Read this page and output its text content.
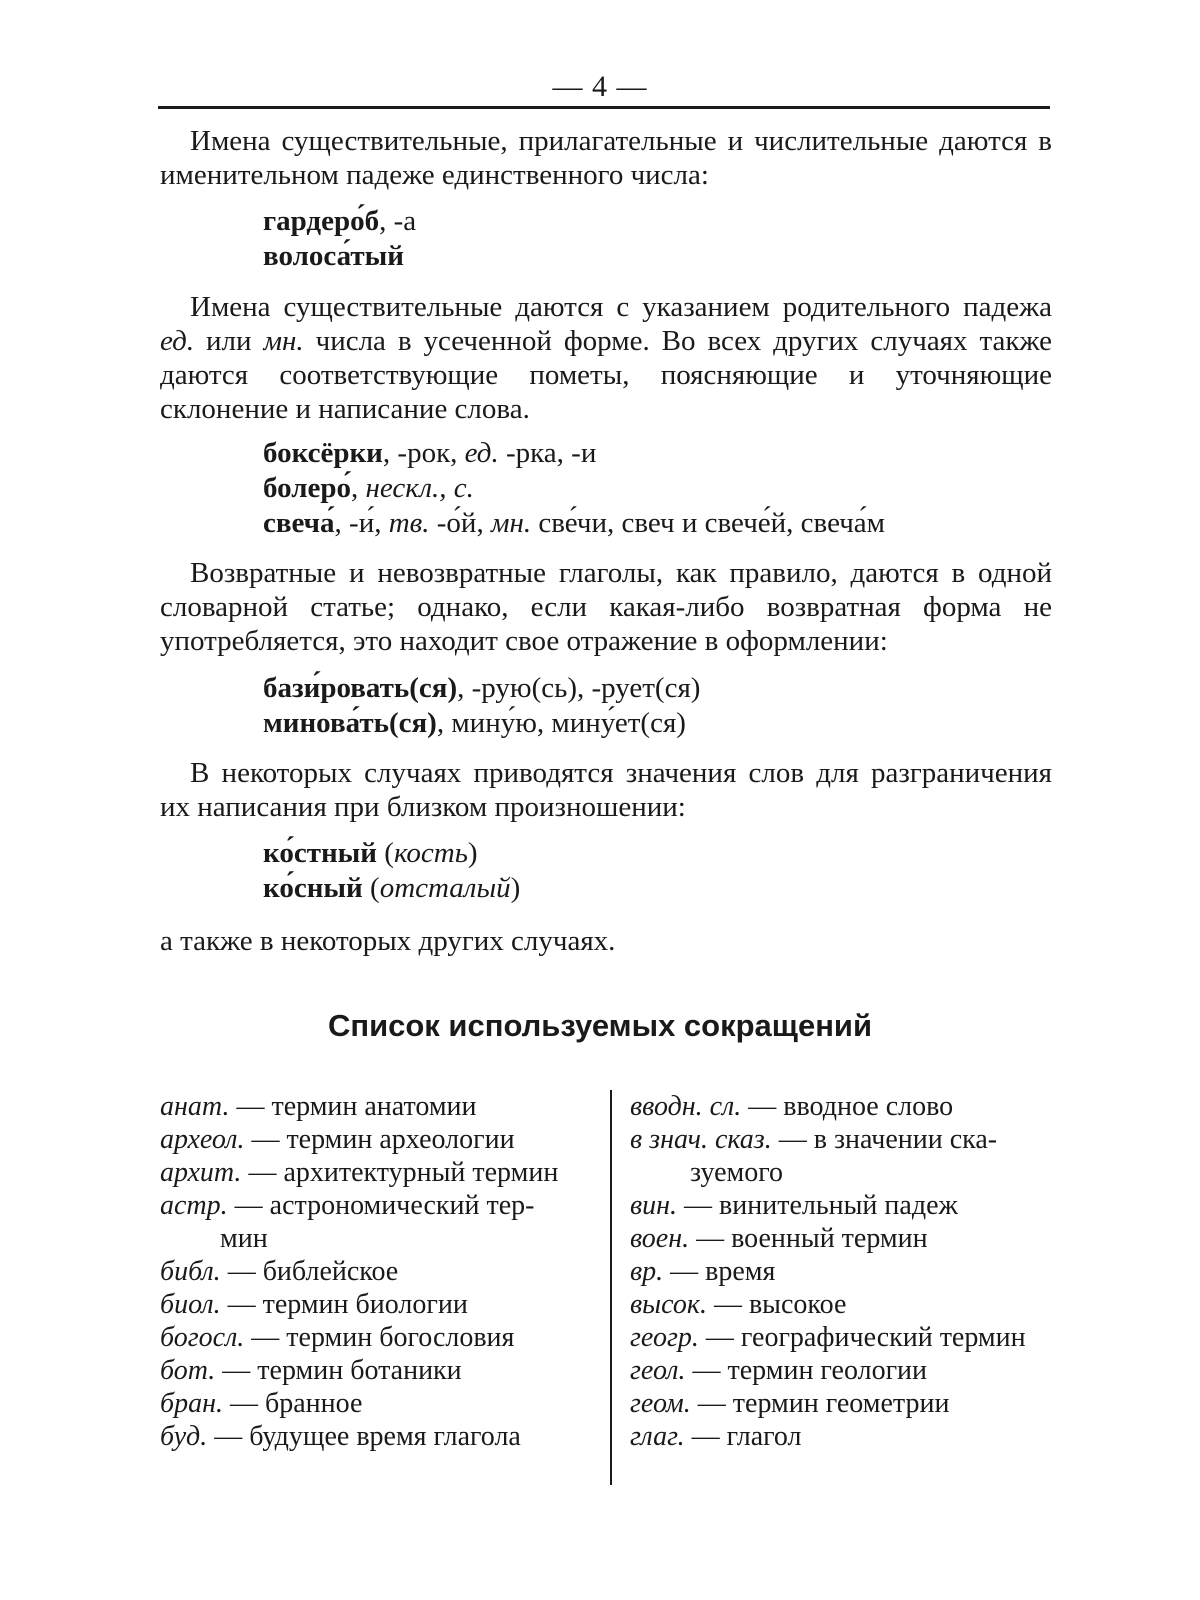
— 4 —

Имена существительные, прилагательные и числительные даются в именительном падеже единственного числа:

гардеро́б, -а
волоса́тый

Имена существительные даются с указанием родительного падежа ед. или мн. числа в усеченной форме. Во всех других случаях также даются соответствующие пометы, поясняющие и уточняющие склонение и написание слова.

боксёрки, -рок, ед. -рка, -и
болеро́, нескл., с.
свеча́, -и́, тв. -о́й, мн. све́чи, свеч и свече́й, свеча́м

Возвратные и невозвратные глаголы, как правило, даются в одной словарной статье; однако, если какая-либо возвратная форма не употребляется, это находит свое отражение в оформлении:

бази́ровать(ся), -рую(сь), -рует(ся)
минова́ть(ся), мину́ю, мину́ет(ся)

В некоторых случаях приводятся значения слов для разграничения их написания при близком произношении:

ко́стный (кость)
ко́сный (отсталый)

а также в некоторых других случаях.

Список используемых сокращений
анат. — термин анатомии
археол. — термин археологии
архит. — архитектурный термин
астр. — астрономический тер-
мин
библ. — библейское
биол. — термин биологии
богосл. — термин богословия
бот. — термин ботаники
бран. — бранное
буд. — будущее время глагола
вводн. сл. — вводное слово
в знач. сказ. — в значении ска-
зуемого
вин. — винительный падеж
воен. — военный термин
вр. — время
высок. — высокое
геогр. — географический термин
геол. — термин геологии
геом. — термин геометрии
глаг. — глагол
